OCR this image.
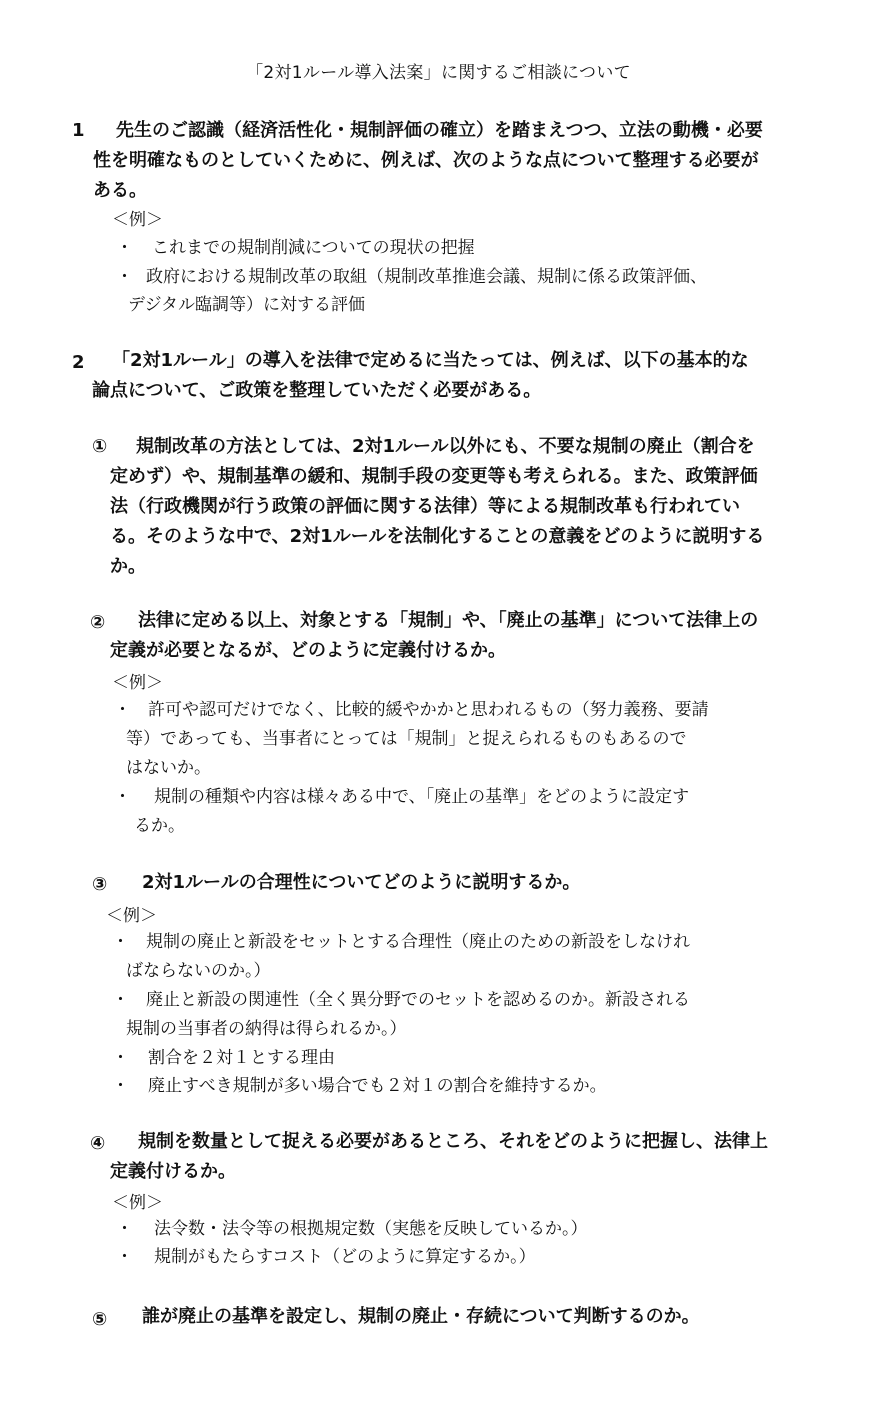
「2対1ルール導入法案」に関するご相談について
1 先生のご認識（経済活性化・規制評価の確立）を踏まえつつ、立法の動機・必要
性を明確なものとしていくために、例えば、次のような点について整理する必要が
ある。
＜例＞
・ これまでの規制削減についての現状の把握
・ 政府における規制改革の取組（規制改革推進会議、規制に係る政策評価、
デジタル臨調等）に対する評価
2 「2対1ルール」の導入を法律で定めるに当たっては、例えば、以下の基本的な
論点について、ご政策を整理していただく必要がある。
① 規制改革の方法としては、2対1ルール以外にも、不要な規制の廃止（割合を
定めず）や、規制基準の緩和、規制手段の変更等も考えられる。また、政策評価
法（行政機関が行う政策の評価に関する法律）等による規制改革も行われてい
る。そのような中で、2対1ルールを法制化することの意義をどのように説明する
か。
② 法律に定める以上、対象とする「規制」や、「廃止の基準」について法律上の
定義が必要となるが、どのように定義付けるか。
＜例＞
・ 許可や認可だけでなく、比較的緩やかかと思われるもの（努力義務、要請
等）であっても、当事者にとっては「規制」と捉えられるものもあるので
はないか。
・ 規制の種類や内容は様々ある中で、「廃止の基準」をどのように設定す
るか。
③ 2対1ルールの合理性についてどのように説明するか。
＜例＞
・ 規制の廃止と新設をセットとする合理性（廃止のための新設をしなけれ
ばならないのか。）
・ 廃止と新設の関連性（全く異分野でのセットを認めるのか。新設される
規制の当事者の納得は得られるか。）
・ 割合を２対１とする理由
・ 廃止すべき規制が多い場合でも２対１の割合を維持するか。
④ 規制を数量として捉える必要があるところ、それをどのように把握し、法律上
定義付けるか。
＜例＞
・ 法令数・法令等の根拠規定数（実態を反映しているか。）
・ 規制がもたらすコスト（どのように算定するか。）
⑤ 誰が廃止の基準を設定し、規制の廃止・存続について判断するのか。
